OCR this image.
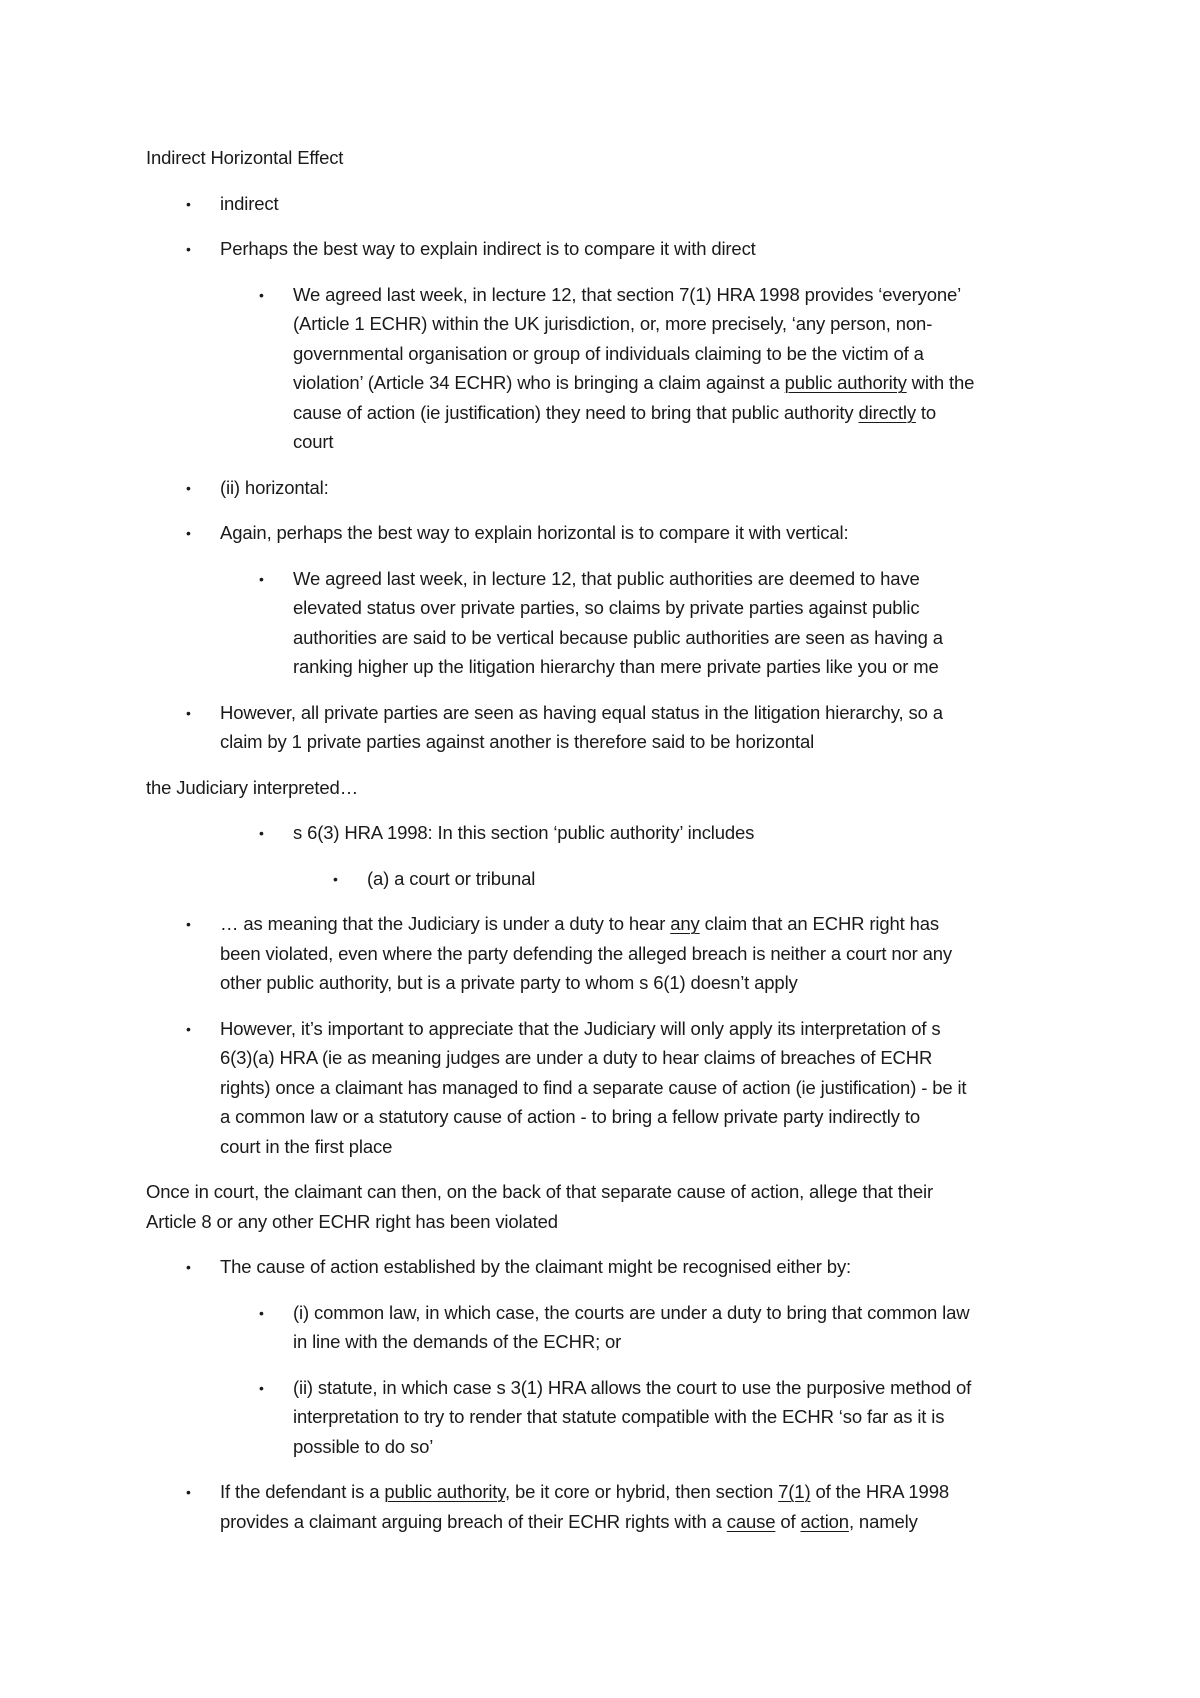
Indirect Horizontal Effect
• indirect
• Perhaps the best way to explain indirect is to compare it with direct
• We agreed last week, in lecture 12, that section 7(1) HRA 1998 provides ‘everyone’
(Article 1 ECHR) within the UK jurisdiction, or, more precisely, ‘any person, non-
governmental organisation or group of individuals claiming to be the victim of a
violation’ (Article 34 ECHR) who is bringing a claim against a public authority with the
cause of action (ie justification) they need to bring that public authority directly to
court
• (ii) horizontal:
• Again, perhaps the best way to explain horizontal is to compare it with vertical:
• We agreed last week, in lecture 12, that public authorities are deemed to have
elevated status over private parties, so claims by private parties against public
authorities are said to be vertical because public authorities are seen as having a
ranking higher up the litigation hierarchy than mere private parties like you or me
• However, all private parties are seen as having equal status in the litigation hierarchy, so a
claim by 1 private parties against another is therefore said to be horizontal
the Judiciary interpreted…
• s 6(3) HRA 1998: In this section ‘public authority’ includes
• (a) a court or tribunal
• … as meaning that the Judiciary is under a duty to hear any claim that an ECHR right has
been violated, even where the party defending the alleged breach is neither a court nor any
other public authority, but is a private party to whom s 6(1) doesn’t apply
• However, it’s important to appreciate that the Judiciary will only apply its interpretation of s
6(3)(a) HRA (ie as meaning judges are under a duty to hear claims of breaches of ECHR
rights) once a claimant has managed to find a separate cause of action (ie justification) - be it
a common law or a statutory cause of action - to bring a fellow private party indirectly to
court in the first place
Once in court, the claimant can then, on the back of that separate cause of action, allege that their
Article 8 or any other ECHR right has been violated
• The cause of action established by the claimant might be recognised either by:
• (i) common law, in which case, the courts are under a duty to bring that common law
in line with the demands of the ECHR; or
• (ii) statute, in which case s 3(1) HRA allows the court to use the purposive method of
interpretation to try to render that statute compatible with the ECHR ‘so far as it is
possible to do so’
• If the defendant is a public authority, be it core or hybrid, then section 7(1) of the HRA 1998
provides a claimant arguing breach of their ECHR rights with a cause of action, namely
